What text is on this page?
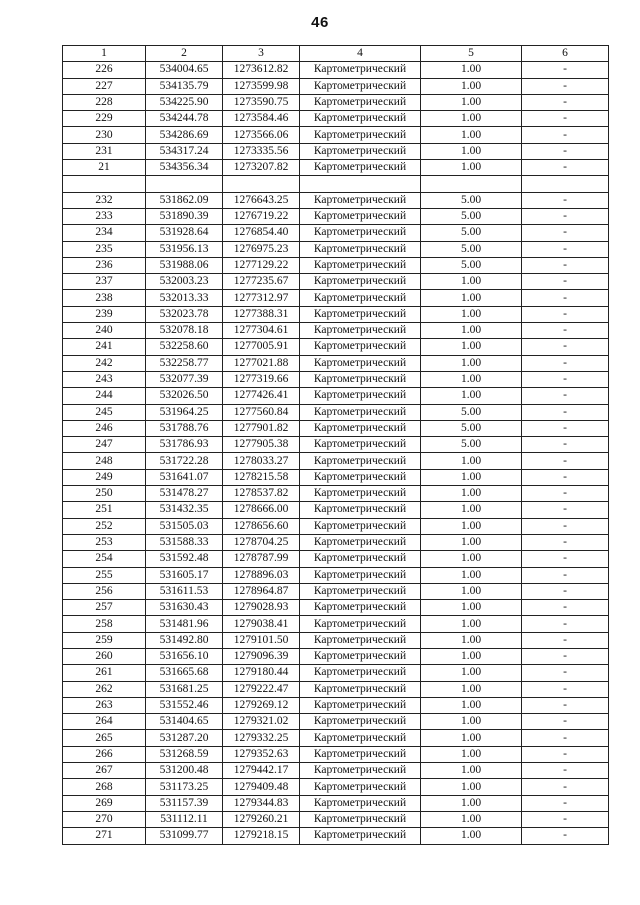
46
1	2	3	4	5	6
226	534004.65	1273612.82	Картометрический	1.00	-
227	534135.79	1273599.98	Картометрический	1.00	-
228	534225.90	1273590.75	Картометрический	1.00	-
229	534244.78	1273584.46	Картометрический	1.00	-
230	534286.69	1273566.06	Картометрический	1.00	-
231	534317.24	1273335.56	Картометрический	1.00	-
21	534356.34	1273207.82	Картометрический	1.00	-

232	531862.09	1276643.25	Картометрический	5.00	-
233	531890.39	1276719.22	Картометрический	5.00	-
234	531928.64	1276854.40	Картометрический	5.00	-
235	531956.13	1276975.23	Картометрический	5.00	-
236	531988.06	1277129.22	Картометрический	5.00	-
237	532003.23	1277235.67	Картометрический	1.00	-
238	532013.33	1277312.97	Картометрический	1.00	-
239	532023.78	1277388.31	Картометрический	1.00	-
240	532078.18	1277304.61	Картометрический	1.00	-
241	532258.60	1277005.91	Картометрический	1.00	-
242	532258.77	1277021.88	Картометрический	1.00	-
243	532077.39	1277319.66	Картометрический	1.00	-
244	532026.50	1277426.41	Картометрический	1.00	-
245	531964.25	1277560.84	Картометрический	5.00	-
246	531788.76	1277901.82	Картометрический	5.00	-
247	531786.93	1277905.38	Картометрический	5.00	-
248	531722.28	1278033.27	Картометрический	1.00	-
249	531641.07	1278215.58	Картометрический	1.00	-
250	531478.27	1278537.82	Картометрический	1.00	-
251	531432.35	1278666.00	Картометрический	1.00	-
252	531505.03	1278656.60	Картометрический	1.00	-
253	531588.33	1278704.25	Картометрический	1.00	-
254	531592.48	1278787.99	Картометрический	1.00	-
255	531605.17	1278896.03	Картометрический	1.00	-
256	531611.53	1278964.87	Картометрический	1.00	-
257	531630.43	1279028.93	Картометрический	1.00	-
258	531481.96	1279038.41	Картометрический	1.00	-
259	531492.80	1279101.50	Картометрический	1.00	-
260	531656.10	1279096.39	Картометрический	1.00	-
261	531665.68	1279180.44	Картометрический	1.00	-
262	531681.25	1279222.47	Картометрический	1.00	-
263	531552.46	1279269.12	Картометрический	1.00	-
264	531404.65	1279321.02	Картометрический	1.00	-
265	531287.20	1279332.25	Картометрический	1.00	-
266	531268.59	1279352.63	Картометрический	1.00	-
267	531200.48	1279442.17	Картометрический	1.00	-
268	531173.25	1279409.48	Картометрический	1.00	-
269	531157.39	1279344.83	Картометрический	1.00	-
270	531112.11	1279260.21	Картометрический	1.00	-
271	531099.77	1279218.15	Картометрический	1.00	-
